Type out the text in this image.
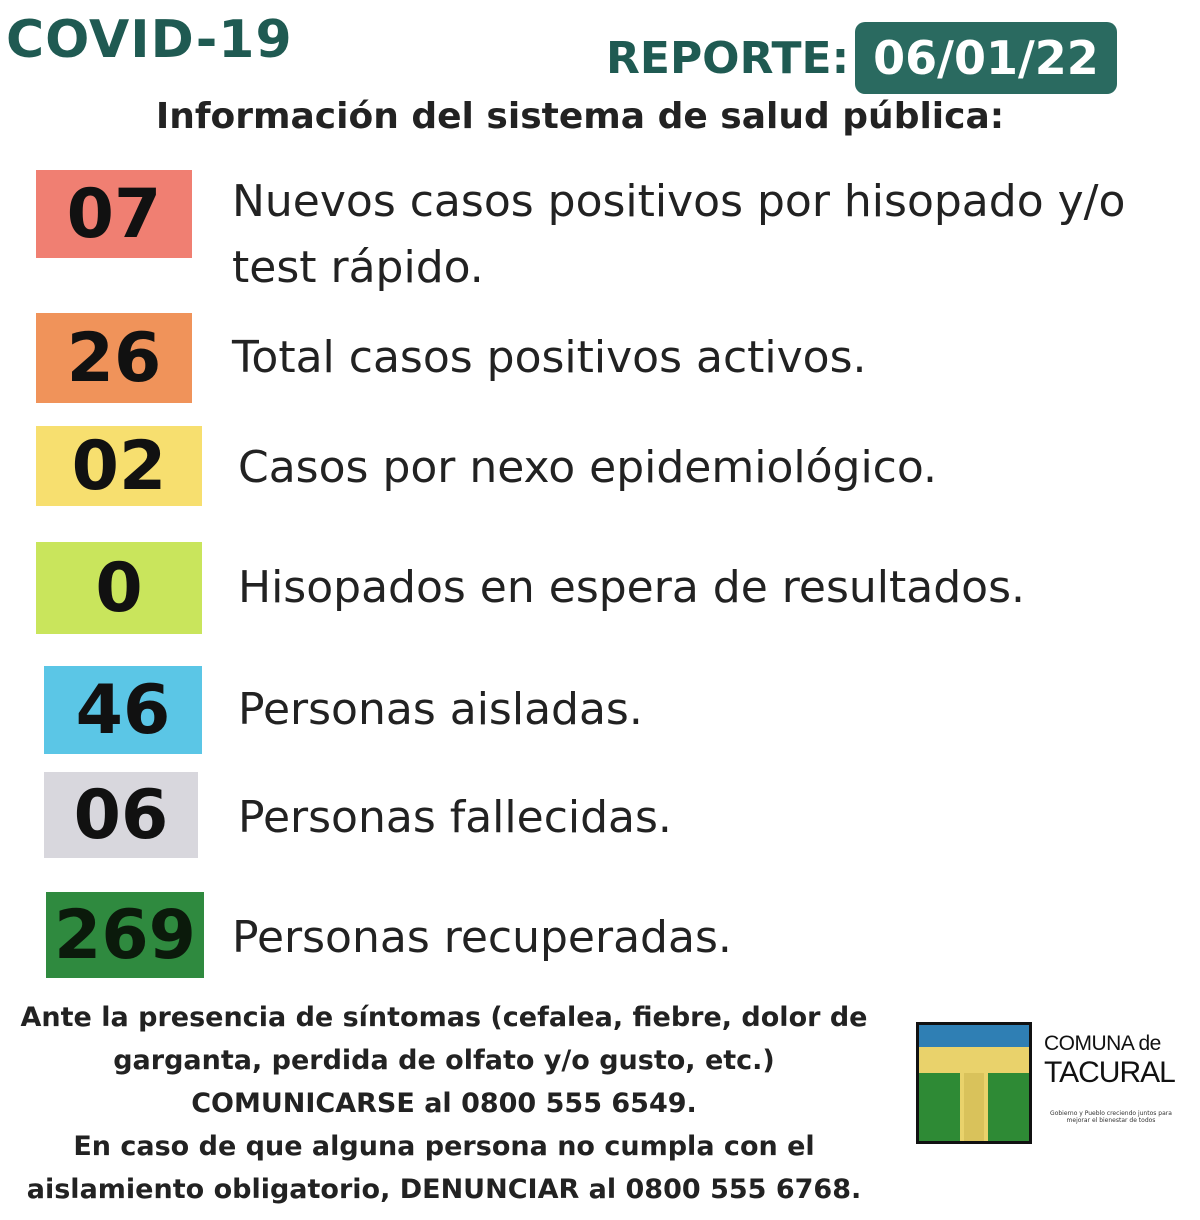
COVID-19	REPORTE: 06/01/22
Información del sistema de salud pública:
07	Nuevos casos positivos por hisopado y/o
test rápido.
26	Total casos positivos activos.
02	Casos por nexo epidemiológico.
0	Hisopados en espera de resultados.
46	Personas aisladas.
06	Personas fallecidas.
269 Personas recuperadas.
Ante la presencia de síntomas (cefalea, fiebre, dolor de
garganta, perdida de olfato y/o gusto, etc.)
COMUNICARSE al 0800 555 6549.
En caso de que alguna persona no cumpla con el
aislamiento obligatorio, DENUNCIAR al 0800 555 6768.
COMUNA de
TACURAL
Gobierno y Pueblo creciendo juntos para mejorar el bienestar de todos
